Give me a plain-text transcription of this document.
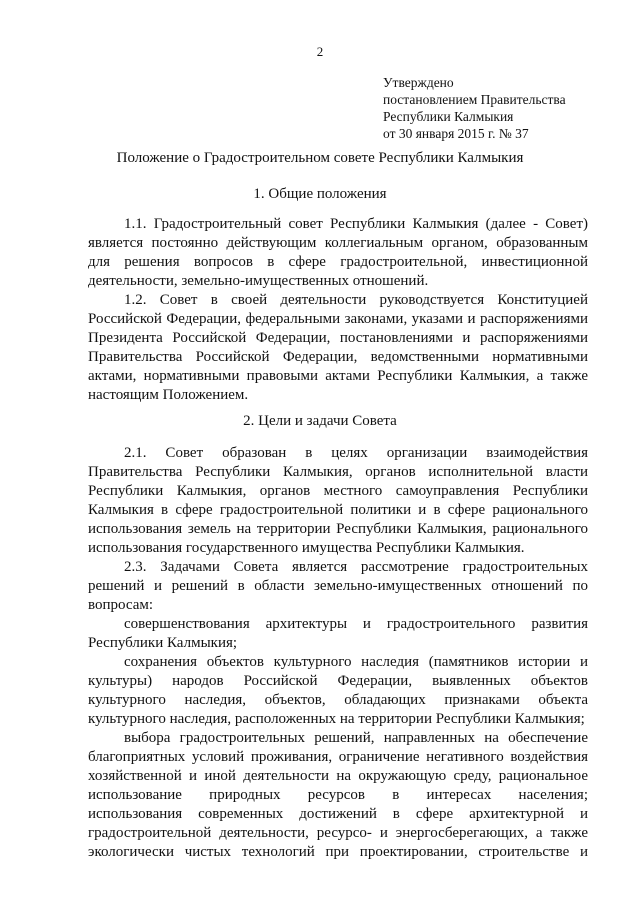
2
Утверждено
постановлением Правительства
Республики Калмыкия
от 30 января 2015 г. № 37
Положение о Градостроительном совете Республики Калмыкия
1. Общие положения

1.1. Градостроительный совет Республики Калмыкия (далее - Совет)

является постоянно действующим коллегиальным органом, образованным

для решения вопросов в сфере градостроительной, инвестиционной

деятельности, земельно-имущественных отношений.

1.2. Совет в своей деятельности руководствуется Конституцией

Российской Федерации, федеральными законами, указами и распоряжениями

Президента Российской Федерации, постановлениями и распоряжениями

Правительства Российской Федерации, ведомственными нормативными

актами, нормативными правовыми актами Республики Калмыкия, а также

настоящим Положением.

2. Цели и задачи Совета

2.1. Совет образован в целях организации взаимодействия

Правительства Республики Калмыкия, органов исполнительной власти

Республики Калмыкия, органов местного самоуправления Республики

Калмыкия в сфере градостроительной политики и в сфере рационального

использования земель на территории Республики Калмыкия, рационального

использования государственного имущества Республики Калмыкия.

2.3. Задачами Совета является рассмотрение градостроительных

решений и решений в области земельно-имущественных отношений по

вопросам:

совершенствования архитектуры и градостроительного развития

Республики Калмыкия;

сохранения объектов культурного наследия (памятников истории и

культуры) народов Российской Федерации, выявленных объектов

культурного наследия, объектов, обладающих признаками объекта

культурного наследия, расположенных на территории Республики Калмыкия;

выбора градостроительных решений, направленных на обеспечение

благоприятных условий проживания, ограничение негативного воздействия

хозяйственной и иной деятельности на окружающую среду, рациональное

использование природных ресурсов в интересах населения;

использования современных достижений в сфере архитектурной и

градостроительной деятельности, ресурсо- и энергосберегающих, а также

экологически чистых технологий при проектировании, строительстве и
